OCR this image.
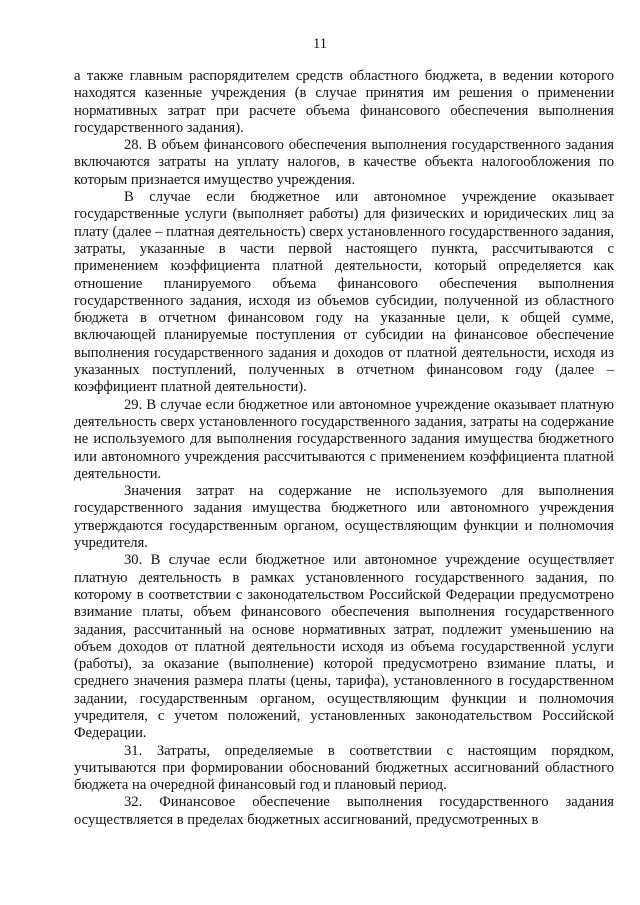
11

а также главным распорядителем средств областного бюджета, в ведении которого находятся казенные учреждения (в случае принятия им решения о применении нормативных затрат при расчете объема финансового обеспечения выполнения государственного задания).

28. В объем финансового обеспечения выполнения государственного задания включаются затраты на уплату налогов, в качестве объекта налогообложения по которым признается имущество учреждения.

В случае если бюджетное или автономное учреждение оказывает государственные услуги (выполняет работы) для физических и юридических лиц за плату (далее – платная деятельность) сверх установленного государственного задания, затраты, указанные в части первой настоящего пункта, рассчитываются с применением коэффициента платной деятельности, который определяется как отношение планируемого объема финансового обеспечения выполнения государственного задания, исходя из объемов субсидии, полученной из областного бюджета в отчетном финансовом году на указанные цели, к общей сумме, включающей планируемые поступления от субсидии на финансовое обеспечение выполнения государственного задания и доходов от платной деятельности, исходя из указанных поступлений, полученных в отчетном финансовом году (далее – коэффициент платной деятельности).

29. В случае если бюджетное или автономное учреждение оказывает платную деятельность сверх установленного государственного задания, затраты на содержание не используемого для выполнения государственного задания имущества бюджетного или автономного учреждения рассчитываются с применением коэффициента платной деятельности.

Значения затрат на содержание не используемого для выполнения государственного задания имущества бюджетного или автономного учреждения утверждаются государственным органом, осуществляющим функции и полномочия учредителя.

30. В случае если бюджетное или автономное учреждение осуществляет платную деятельность в рамках установленного государственного задания, по которому в соответствии с законодательством Российской Федерации предусмотрено взимание платы, объем финансового обеспечения выполнения государственного задания, рассчитанный на основе нормативных затрат, подлежит уменьшению на объем доходов от платной деятельности исходя из объема государственной услуги (работы), за оказание (выполнение) которой предусмотрено взимание платы, и среднего значения размера платы (цены, тарифа), установленного в государственном задании, государственным органом, осуществляющим функции и полномочия учредителя, с учетом положений, установленных законодательством Российской Федерации.

31. Затраты, определяемые в соответствии с настоящим порядком, учитываются при формировании обоснований бюджетных ассигнований областного бюджета на очередной финансовый год и плановый период.

32. Финансовое обеспечение выполнения государственного задания осуществляется в пределах бюджетных ассигнований, предусмотренных в
